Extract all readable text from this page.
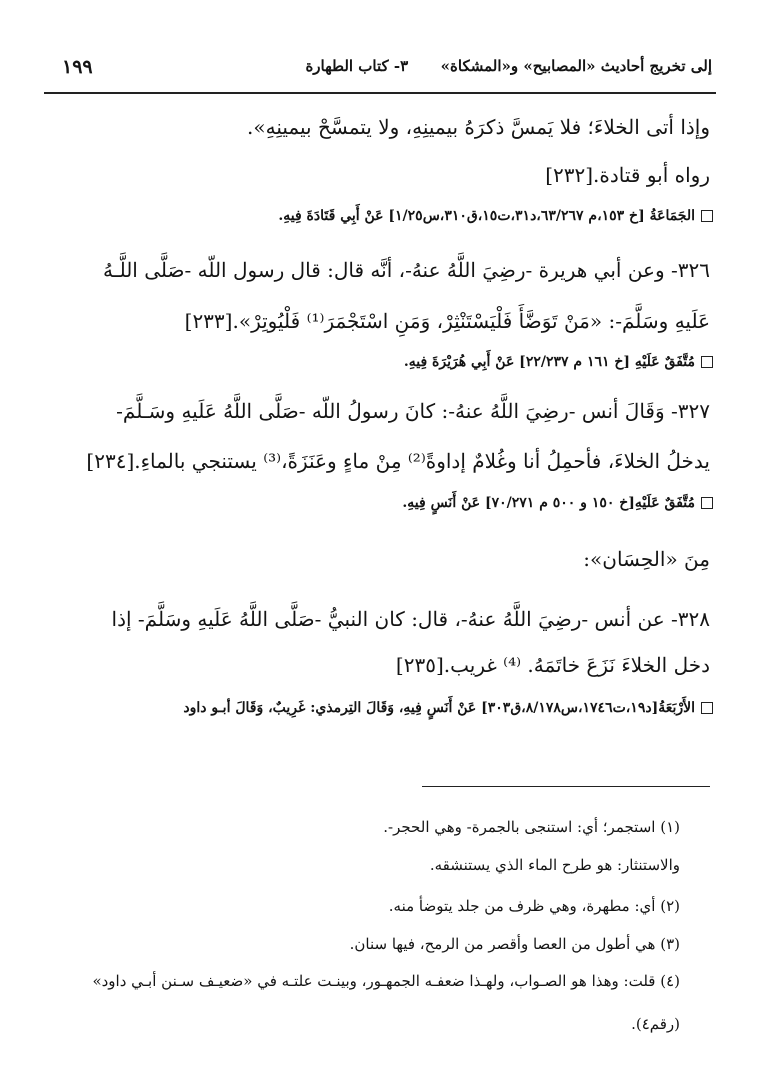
إلى تخريج أحاديث «المصابيح» و«المشكاة»  ٣- كتاب الطهارة
١٩٩
وإذا أتى الخلاءَ؛ فلا يَمسَّ ذكرَهُ بيمينِهِ، ولا يتمسَّحْ بيمينِهِ».
رواه أبو قتادة.[٢٣٢]
الجَمَاعَةُ [خ ١٥٣،م ٦٣/٢٦٧،د٣١،ت١٥،ق٣١٠،س١/٢٥] عَنْ أَبِي قَتَادَةَ فِيهِ.
٣٢٦- وعن أبي هريرة -رضِيَ اللَّهُ عنهُ-، أنَّه قال: قال رسول اللّه -صَلَّى اللَّـهُ
عَلَيهِ وسَلَّمَ-: «مَنْ تَوَضَّأَ فَلْيَسْتَنْثِرْ، وَمَنِ اسْتَجْمَرَ⁽¹⁾ فَلْيُوتِرْ».[٢٣٣]
مُتَّفَقٌ عَلَيْهِ [خ ١٦١ م ٢٢/٢٣٧] عَنْ أَبِي هُرَيْرَةَ فِيهِ.
٣٢٧- وَقَالَ أنس -رضِيَ اللَّهُ عنهُ-: كانَ رسولُ اللّه -صَلَّى اللَّهُ عَلَيهِ وسَـلَّمَ-
يدخلُ الخلاءَ، فأحمِلُ أنا وغُلامٌ إداوةً⁽²⁾ مِنْ ماءٍ وعَنَزَةً،⁽³⁾ يستنجي بالماءِ.[٢٣٤]
مُتَّفَقٌ عَلَيْهِ[خ ١٥٠ و ٥٠٠ م ٧٠/٢٧١] عَنْ أَنَسٍ فِيهِ.
مِنَ «الحِسَان»:
٣٢٨- عن أنس -رضِيَ اللَّهُ عنهُ-، قال: كان النبيُّ -صَلَّى اللَّهُ عَلَيهِ وسَلَّمَ- إذا
دخل الخلاءَ نَزَعَ خاتَمَهُ. ⁽⁴⁾ غريب.[٢٣٥]
الأَرْبَعَةُ[د١٩،ت١٧٤٦،س٨/١٧٨،ق٣٠٣] عَنْ أَنَسٍ فِيهِ، وَقَالَ التِرمذي: غَرِيبٌ، وَقَالَ أبـو داود
(١) استجمر؛ أي: استنجى بالجمرة- وهي الحجر-.
والاستنثار: هو طرح الماء الذي يستنشقه.
(٢) أي: مطهرة، وهي ظرف من جلد يتوضأ منه.
(٣) هي أطول من العصا وأقصر من الرمح، فيها سنان.
(٤) قلت: وهذا هو الصـواب، ولهـذا ضعفـه الجمهـور، وبينـت علتـه في «ضعيـف سـنن أبـي داود»
(رقم٤).
